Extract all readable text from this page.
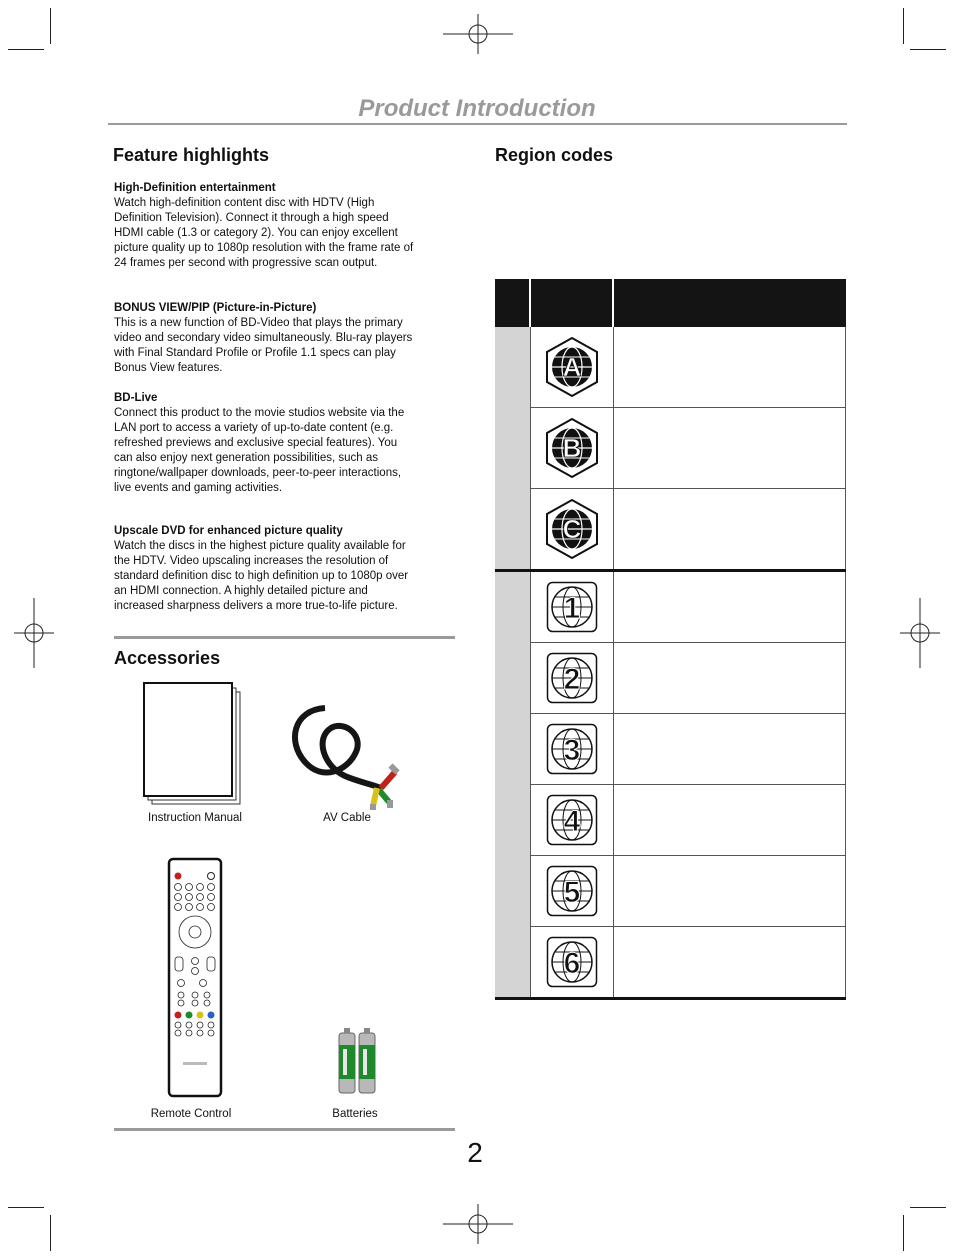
Product Introduction
Feature highlights
High-Definition entertainment
Watch high-definition content disc with HDTV (High Definition Television). Connect it through a high speed HDMI cable (1.3 or category 2). You can enjoy excellent picture quality up to 1080p resolution with the frame rate of 24 frames per second with progressive scan output.
BONUS VIEW/PIP (Picture-in-Picture)
This is a new function of BD-Video that plays the primary video and secondary video simultaneously. Blu-ray players with Final Standard Profile or Profile 1.1 specs can play Bonus View features.
BD-Live
Connect this product to the movie studios website via the LAN port to access a variety of up-to-date content (e.g. refreshed previews and exclusive special features). You can also enjoy next generation possibilities, such as ringtone/wallpaper downloads, peer-to-peer interactions, live events and gaming activities.
Upscale DVD for enhanced picture quality
Watch the discs in the highest picture quality available for the HDTV. Video upscaling increases the resolution of standard definition disc to high definition up to 1080p over an HDMI connection. A highly detailed picture and increased sharpness delivers a more true-to-life picture.
Accessories
Instruction Manual	AV Cable
Remote Control	Batteries
Region codes

A	

B	

C	

1	

2	

3	

4	

5	

6	

2
